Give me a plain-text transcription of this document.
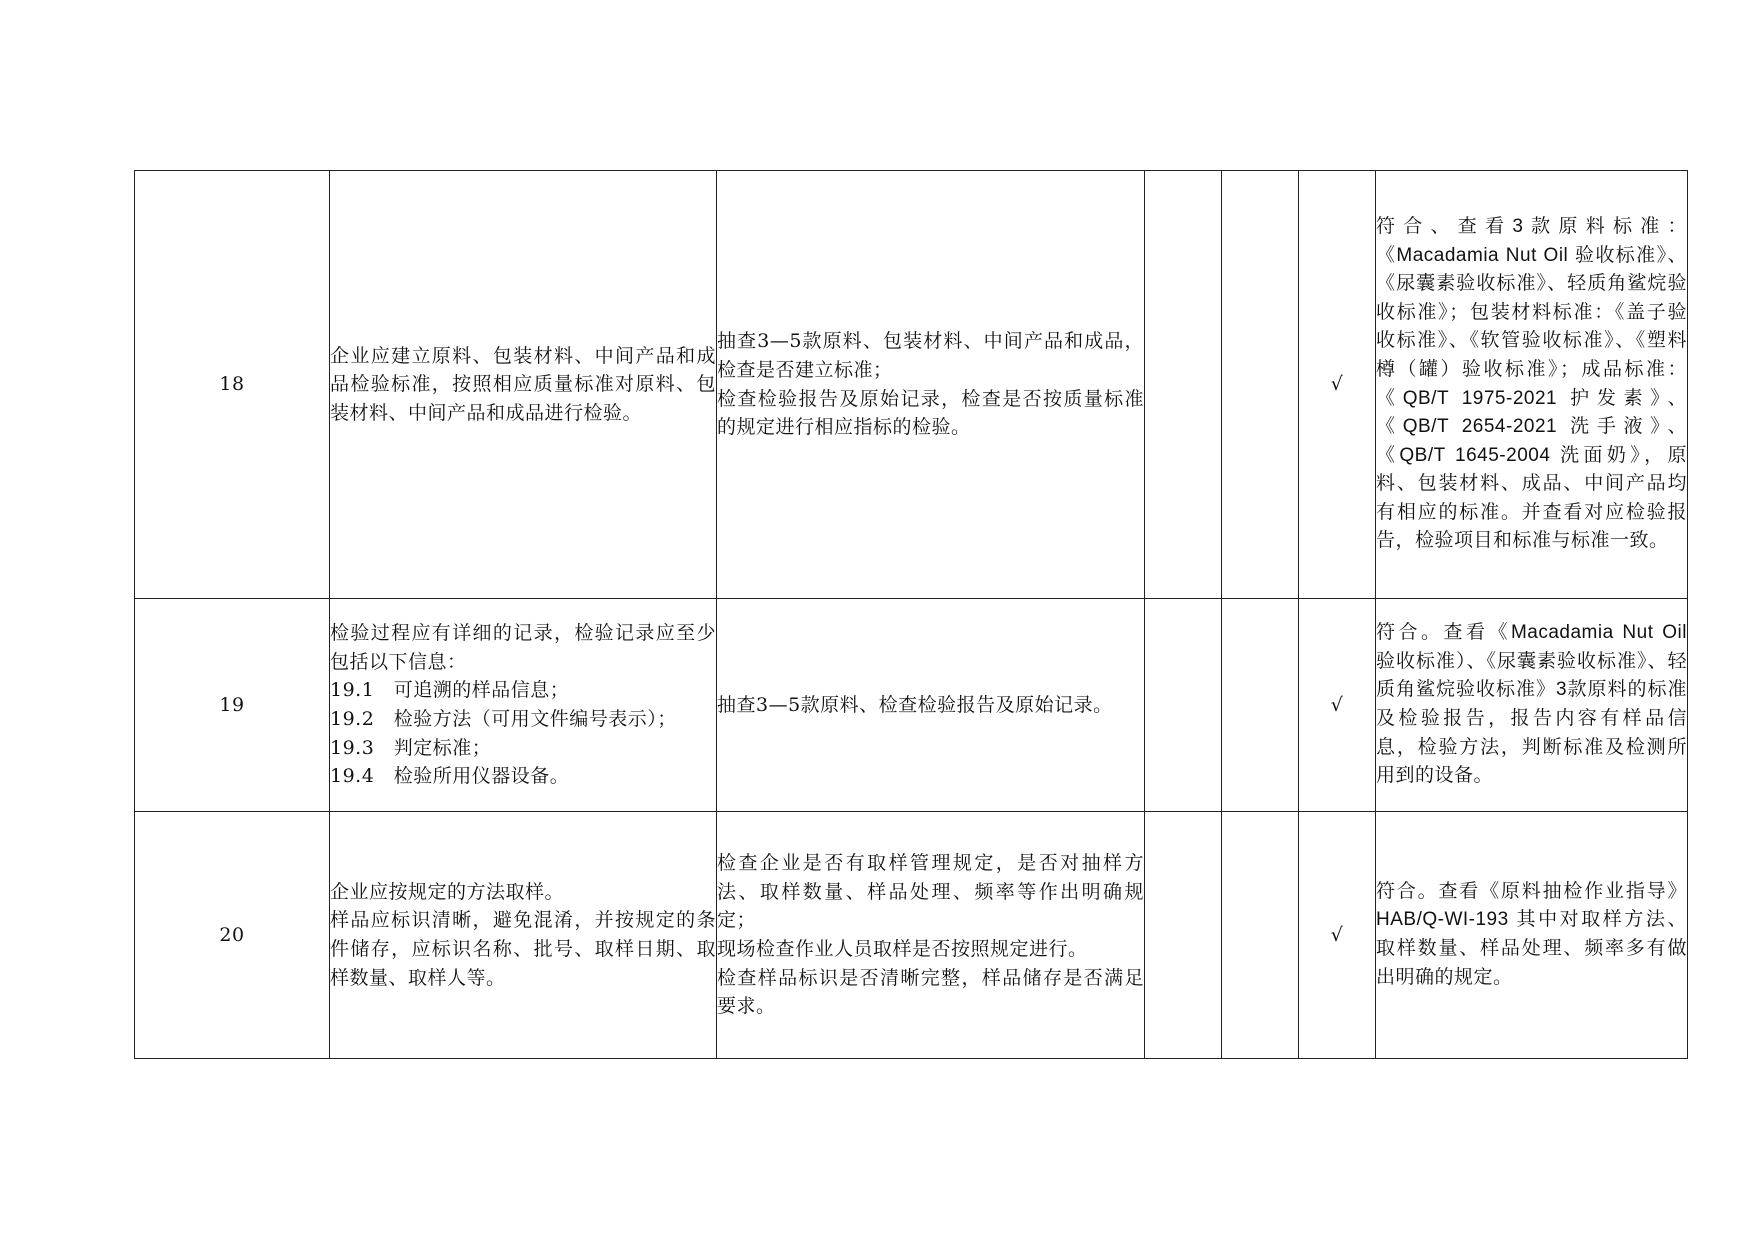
18	企业应建立原料、包装材料、中间产品和成品检验标准，按照相应质量标准对原料、包装材料、中间产品和成品进行检验。	抽查3—5款原料、包装材料、中间产品和成品，检查是否建立标准；
检查检验报告及原始记录，检查是否按质量标准的规定进行相应指标的检验。			√	符合、查看3款原料标准：《Macadamia Nut Oil 验收标准》、《尿囊素验收标准》、轻质角鲨烷验收标准》；包装材料标准：《盖子验收标准》、《软管验收标准》、《塑料樽（罐）验收标准》；成品标准：《QB/T 1975-2021 护发素》、《QB/T 2654-2021 洗手液》、《QB/T 1645-2004 洗面奶》，原料、包装材料、成品、中间产品均有相应的标准。并查看对应检验报告，检验项目和标准与标准一致。
19	检验过程应有详细的记录，检验记录应至少包括以下信息：
19.1　可追溯的样品信息；
19.2　检验方法（可用文件编号表示）；
19.3　判定标准；
19.4　检验所用仪器设备。	抽查3—5款原料、检查检验报告及原始记录。			√	符合。查看《Macadamia Nut Oil 验收标准）、《尿囊素验收标准》、轻质角鲨烷验收标准》3款原料的标准及检验报告，报告内容有样品信息，检验方法，判断标准及检测所用到的设备。
20	企业应按规定的方法取样。
样品应标识清晰，避免混淆，并按规定的条件储存，应标识名称、批号、取样日期、取样数量、取样人等。	检查企业是否有取样管理规定，是否对抽样方法、取样数量、样品处理、频率等作出明确规定；
现场检查作业人员取样是否按照规定进行。
检查样品标识是否清晰完整，样品储存是否满足要求。			√	符合。查看《原料抽检作业指导》HAB/Q-WI-193 其中对取样方法、取样数量、样品处理、频率多有做出明确的规定。
